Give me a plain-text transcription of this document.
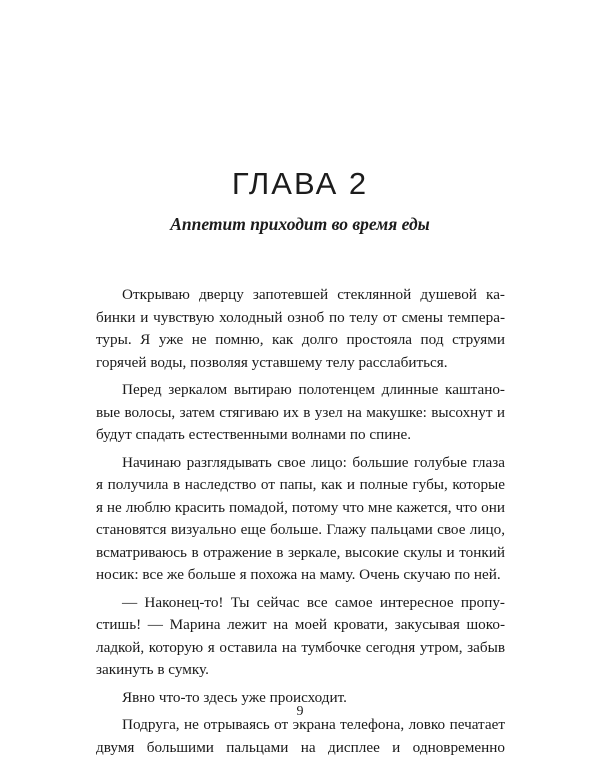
ГЛАВА 2
Аппетит приходит во время еды
Открываю дверцу запотевшей стеклянной душевой ка-
бинки и чувствую холодный озноб по телу от смены темпера-
туры. Я уже не помню, как долго простояла под струями
горячей воды, позволяя уставшему телу расслабиться.
Перед зеркалом вытираю полотенцем длинные каштано-
вые волосы, затем стягиваю их в узел на макушке: высохнут и
будут спадать естественными волнами по спине.
Начинаю разглядывать свое лицо: большие голубые глаза
я получила в наследство от папы, как и полные губы, которые
я не люблю красить помадой, потому что мне кажется, что они
становятся визуально еще больше. Глажу пальцами свое лицо,
всматриваюсь в отражение в зеркале, высокие скулы и тонкий
носик: все же больше я похожа на маму. Очень скучаю по ней.
— Наконец-то! Ты сейчас все самое интересное пропу-
стишь! — Марина лежит на моей кровати, закусывая шоко-
ладкой, которую я оставила на тумбочке сегодня утром, забыв
закинуть в сумку.
Явно что-то здесь уже происходит.
Подруга, не отрываясь от экрана телефона, ловко печатает
двумя большими пальцами на дисплее и одновременно
9
